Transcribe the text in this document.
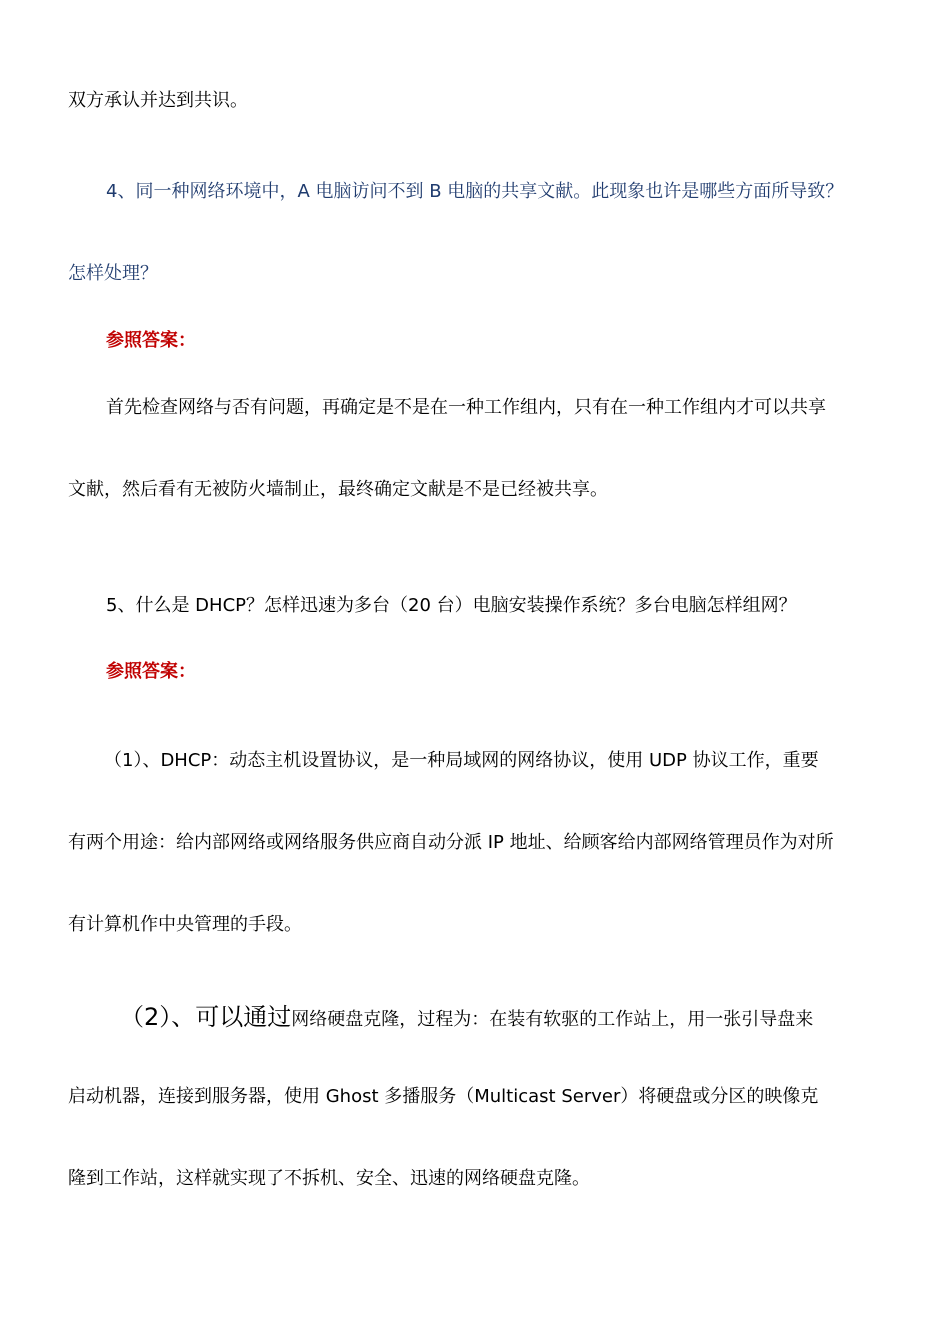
双方承认并达到共识。
4、同一种网络环境中，A 电脑访问不到 B 电脑的共享文献。此现象也许是哪些方面所导致？
怎样处理？
参照答案：
首先检查网络与否有问题，再确定是不是在一种工作组内，只有在一种工作组内才可以共享
文献，然后看有无被防火墙制止，最终确定文献是不是已经被共享。
5、什么是 DHCP？怎样迅速为多台（20 台）电脑安装操作系统？多台电脑怎样组网？
参照答案：
（1）、DHCP：动态主机设置协议，是一种局域网的网络协议，使用 UDP 协议工作，重要
有两个用途：给内部网络或网络服务供应商自动分派 IP 地址、给顾客给内部网络管理员作为对所
有计算机作中央管理的手段。
（2）、可以通过网络硬盘克隆，过程为：在装有软驱的工作站上，用一张引导盘来
启动机器，连接到服务器，使用 Ghost 多播服务（Multicast Server）将硬盘或分区的映像克
隆到工作站，这样就实现了不拆机、安全、迅速的网络硬盘克隆。
